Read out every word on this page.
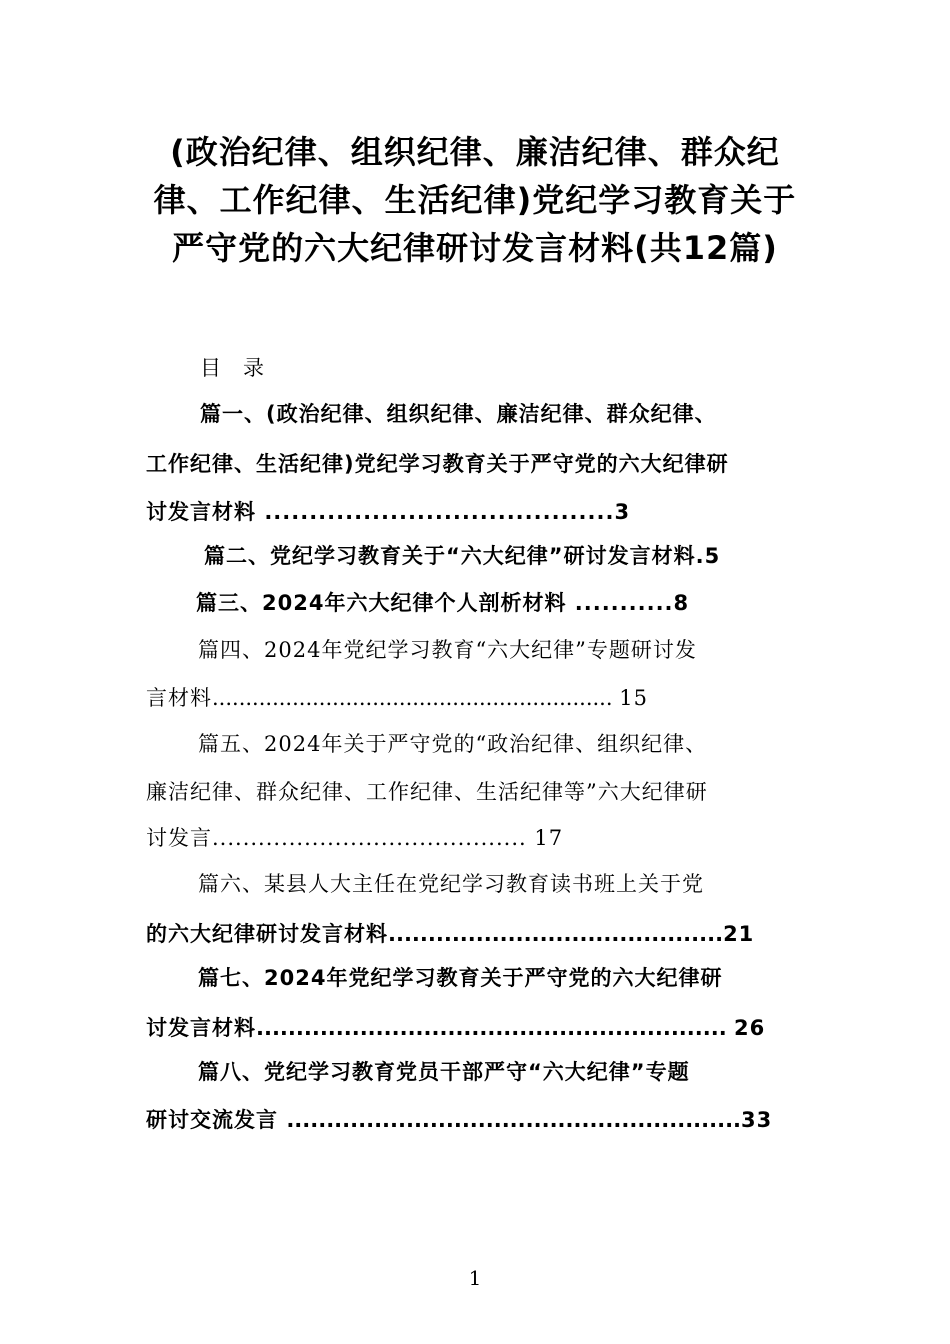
(政治纪律、组织纪律、廉洁纪律、群众纪律、工作纪律、生活纪律)党纪学习教育关于严守党的六大纪律研讨发言材料(共12篇)
目录
篇一、(政治纪律、组织纪律、廉洁纪律、群众纪律、
工作纪律、生活纪律)党纪学习教育关于严守党的六大纪律研
讨发言材料 .......................................3
篇二、党纪学习教育关于“六大纪律”研讨发言材料.5
篇三、2024年六大纪律个人剖析材料 ...........8
篇四、2024年党纪学习教育“六大纪律”专题研讨发
言材料............................................................ 15
篇五、2024年关于严守党的“政治纪律、组织纪律、
廉洁纪律、群众纪律、工作纪律、生活纪律等”六大纪律研
讨发言......................................... 17
篇六、某县人大主任在党纪学习教育读书班上关于党
的六大纪律研讨发言材料..........................................21
篇七、2024年党纪学习教育关于严守党的六大纪律研
讨发言材料........................................................... 26
篇八、党纪学习教育党员干部严守“六大纪律”专题
研讨交流发言 .........................................................33
1
